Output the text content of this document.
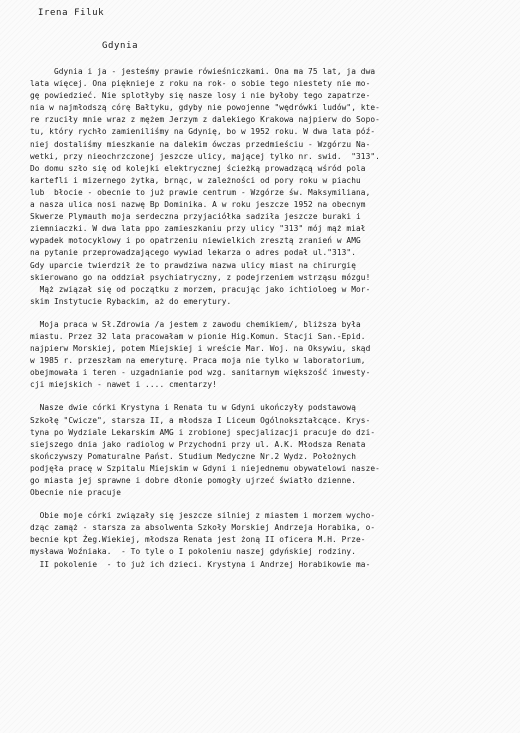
Irena Filuk
Gdynia
Gdynia i ja - jesteśmy prawie rówieśniczkami. Ona ma 75 lat, ja dwa
lata więcej. Ona pięknieje z roku na rok- o sobie tego niestety nie mo-
gę powiedzieć. Nie splotłyby się nasze losy i nie byłoby tego zapatrze-
nia w najmłodszą córę Bałtyku, gdyby nie powojenne "wędrówki ludów", kte-
re rzuciły mnie wraz z mężem Jerzym z dalekiego Krakowa najpierw do Sopo-
tu, który rychło zamieniliśmy na Gdynię, bo w 1952 roku. W dwa lata póź-
niej dostaliśmy mieszkanie na dalekim ówczas przedmieściu - Wzgórzu Na-
wetki, przy nieochrzczonej jeszcze ulicy, mającej tylko nr. swid.  "313".
Do domu szło się od kolejki elektrycznej ścieżką prowadzącą wśród pola
kartefli i mizernego żytka, brnąc, w zależności od pory roku w piachu
lub  błocie - obecnie to już prawie centrum - Wzgórze św. Maksymiliana,
a nasza ulica nosi nazwę Bp Dominika. A w roku jeszcze 1952 na obecnym
Skwerze Plymauth moja serdeczna przyjaciółka sadziła jeszcze buraki i
ziemniaczki. W dwa lata ppo zamieszkaniu przy ulicy "313" mój mąż miał
wypadek motocyklowy i po opatrzeniu niewielkich zresztą zranień w AMG
na pytanie przeprowadzającego wywiad lekarza o adres podał ul."313".
Gdy uparcie twierdził że to prawdziwa nazwa ulicy miast na chirurgię
skierowano go na oddział psychiatryczny, z podejrzeniem wstrząsu mózgu!
Mąż związał się od początku z morzem, pracując jako ichtioloeg w Mor-
skim Instytucie Rybackim, aż do emerytury.
Moja praca w Sł.Zdrowia /a jestem z zawodu chemikiem/, bliższa była
miastu. Przez 32 lata pracowałam w pionie Hig.Komun. Stacji San.-Epid.
najpierw Morskiej, potem Miejskiej i wreście Mar. Woj. na Oksywiu, skąd
w 1985 r. przeszłam na emeryturę. Praca moja nie tylko w laboratorium,
obejmowała i teren - uzgadnianie pod wzg. sanitarnym większość inwesty-
cji miejskich - nawet i .... cmentarzy!
Nasze dwie córki Krystyna i Renata tu w Gdyni ukończyły podstawową
Szkołę "Cwicze", starsza II, a młodsza I Liceum Ogólnokształcące. Krys-
tyna po Wydziale Lekarskim AMG i zrobionej specjalizacji pracuje do dzi-
siejszego dnia jako radiolog w Przychodni przy ul. A.K. Młodsza Renata
skończywszy Pomaturalne Państ. Studium Medyczne Nr.2 Wydz. Położnych
podjęła pracę w Szpitalu Miejskim w Gdyni i niejednemu obywatelowi nasze-
go miasta jej sprawne i dobre dłonie pomogły ujrzeć światło dzienne.
Obecnie nie pracuje
Obie moje córki związały się jeszcze silniej z miastem i morzem wycho-
dząc zamąż - starsza za absolwenta Szkoły Morskiej Andrzeja Horabika, o-
becnie kpt Żeg.Wiekiej, młodsza Renata jest żoną II oficera M.H. Prze-
mysława Woźniaka.  - To tyle o I pokoleniu naszej gdyńskiej rodziny.
II pokolenie  - to już ich dzieci. Krystyna i Andrzej Horabikowie ma-
